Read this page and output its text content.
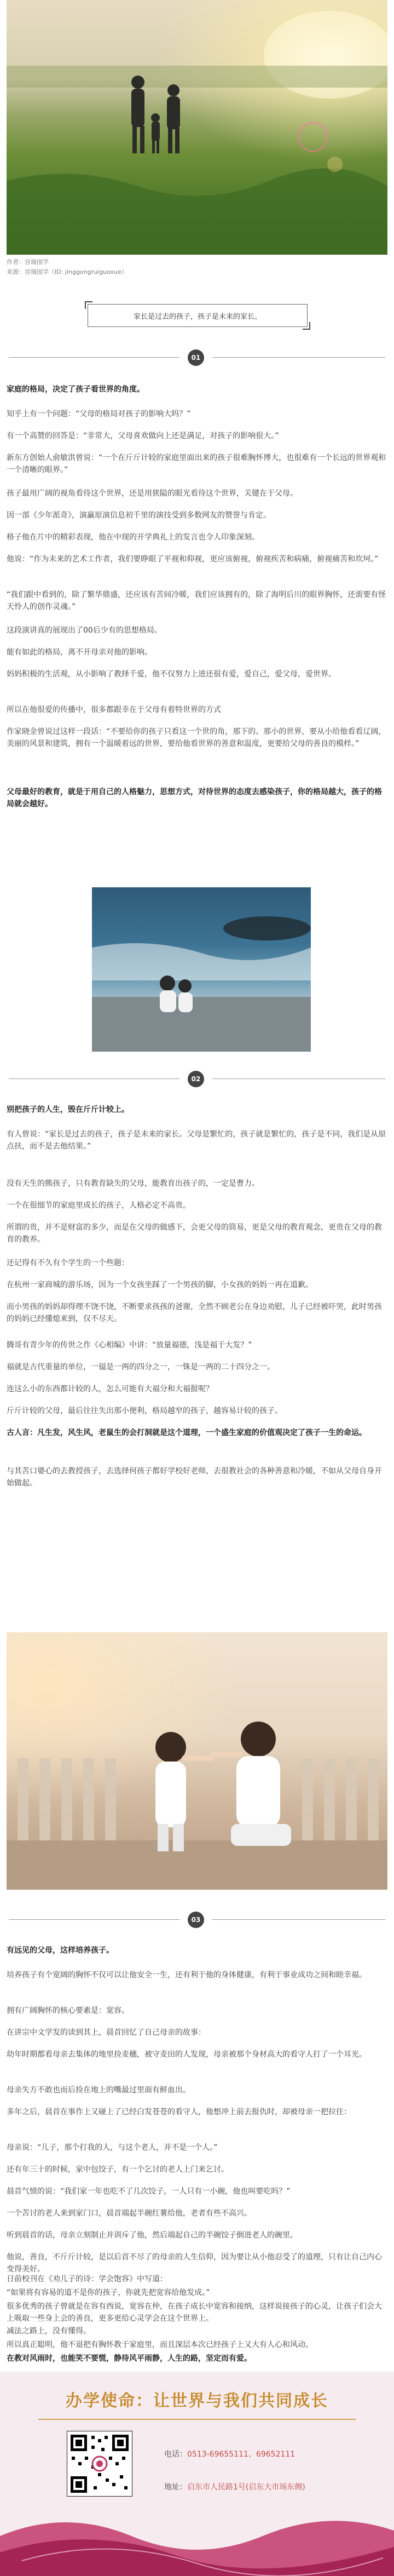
作者：宫瑞国学
来源：宫瑞国学（ID: jinggongruiguoxue）
家长是过去的孩子，孩子是未来的家长。
01

家庭的格局，决定了孩子看世界的角度。

知乎上有一个问题：“父母的格局对孩子的影响大吗？”

有一个高赞的回答是：“非常大，父母喜欢做向上还是满足，对孩子的影响很大。”

新东方创始人俞敏洪曾说：“一个在斤斤计较的家庭里面出来的孩子很难胸怀博大，也很难有一个长远的世界观和一个清晰的眼界。”

孩子最用广阔的视角看待这个世界，还是用狭隘的眼光看待这个世界，关键在于父母。

因一部《少年派奇》，演赢原演信息初千里的演技受到多数网友的赞誉与肯定。

格子他在片中的精彩表现，他在中现的开学典礼上的发言也令人印象深刻。

他说：“作为未来的艺术工作者，我们要睁眼了平视和仰视，更应该俯视，俯视疾苦和病痛，俯视痛苦和坎坷。”

“我们跟中看到的，除了繁华鼎盛，还应该有苦间冷暖，我们应该拥有的，除了海明后川的眼界胸怀，还需要有怪天怜人的创作灵魂。”

这段演讲真的展现出了00后少有的思想格局。

能有如此的格局，离不开母亲对他的影响。

妈妈积极的生活观，从小影响了教择千爱，他不仅努力上进还很有爱，爱自己，爱父母，爱世界。

所以在他很爱的传播中，很多都跟幸在于父母有着特世界的方式

作家晓金曾说过这样一段话：“不要给你的孩子只看这一个世的角，那下的、那小的世界，要从小给他看看辽阔，美丽的风景和建筑，拥有一个温暖着远的世界，要给他看世界的善意和温度，更要给父母的善良的模样。”

父母最好的教育，就是于用自己的人格魅力，思想方式，对待世界的态度去感染孩子，你的格局越大，孩子的格局就会越好。

02

别把孩子的人生，毁在斤斤计较上。

有人曾说：“家长是过去的孩子，孩子是未来的家长。父母是繁忙的，孩子就是繁忙的，孩子是不同，我们是从原点扶，而不是去他结果。”

没有天生的熊孩子，只有教育缺失的父母，能教育出孩子的，一定是曹力。

一个在很细节的家庭里成长的孩子，人格必定不高贵。

所谓的贵，并不是财富的多少，而是在父母的做感下，会更父母的筒易，更是父母的教育观念，更贵在父母的教育的教养。

还记得有不久有个学生的一个些题：

在杭州一家商城的游乐场，因为一个女孩坐踩了一个男孩的脚，小女孩的妈妈一再在道歉。

而小男孩的妈妈却得理不饶不饶，不断要求孩孩的爸谢，全然不顾老公在身边劝慰，儿子已经被吓哭，此时男孩的妈妈已经懂熄来到，仅不尽天。

腾哥有青少年的传世之作《心相编》中讲：“放量福德，浅是福于大发？”

福就是古代重量的单位，一镒是一两的四分之一，一铢是一两的二十四分之一。

连这么小的东西都计较的人，怎么可能有大福分和大福报呢？

斤斤计较的父母，最后往往失出那小便利，格局越窄的孩子，越容易计较的孩子。

古人言：凡生发，风生风，老鼠生的会打洞就是这个道理，一个盛生家庭的价值观决定了孩子一生的命运。

与其苦口婆心的去教授孩子，去选择何孩子都好学校好老师，去很教社会的各种善意和冷暖，不如从父母自身开始做起。

03

有远见的父母，这样培养孩子。

培养孩子有个宽阔的胸怀不仅可以让他安全一生，还有利于他的身体健康，有利于事业成功之间和睦幸福。

拥有广阔胸怀的核心要素是：宽容。

在讲宗中文学发的读到其上，晨首回忆了自己母亲的故事：

幼年时期都看母亲去集体的地里捡麦穗，被守麦田的人发现，母亲被那个身材高大的看守人打了一个耳光。

母亲失方不敢也而后捡在地上的嘴最过里面有鲜血出。

多年之后，晨首在事作上又碰上了已经白发苍苍的看守人，他想冲上前去报仇时，却被母亲一把拉住：

母亲说：“儿子，那个打我的人，与这个老人，并不是一个人。”

还有年三十的时候，家中包饺子，有一个乞讨的老人上门来乞讨。

晨首气愤的说：“我们家一年也吃不了几次饺子，一人只有一小碗，他也叫要吃吗？”

一个苦讨的老人来到家门口，晨首端起半碗红薯给他，老者有些不高兴。

听到晨首的话，母亲立刻制止并训斥了他，然后端起自己的半碗饺子倒进老人的碗里。

他说，善良，不斤斤计较，是以后首不尽了的母亲的人生信仰，因为要让从小他忍受了的道理，只有让自己内心变得美好。

日前校刊在《劝儿子的诗：学会饱容》中写道：

“如果将有容易的道不是你的孩子，你就先把宽容给他发成。”

很多优秀的孩子曾就是在容有西说，宽容在仲，在孩子成长中宽容和接纳，这样说接孩子的心灵，让孩子们会大上吸取一些身上会的善良，更多更给心灵学会在这个世界上。

减法之路上，没有懂得。

所以真正聪明，他不退把有胸怀教于家庭里，而且深层本次已经孩子上又大有人心和风动。

在教对风雨时，也能笑不要慌，静待风平雨静，人生的路，坚定而有爱。

办学使命：让世界与我们共同成长
电话：0513-69655111、69652111
地址：启东市人民路1号(启东大市场东侧)
